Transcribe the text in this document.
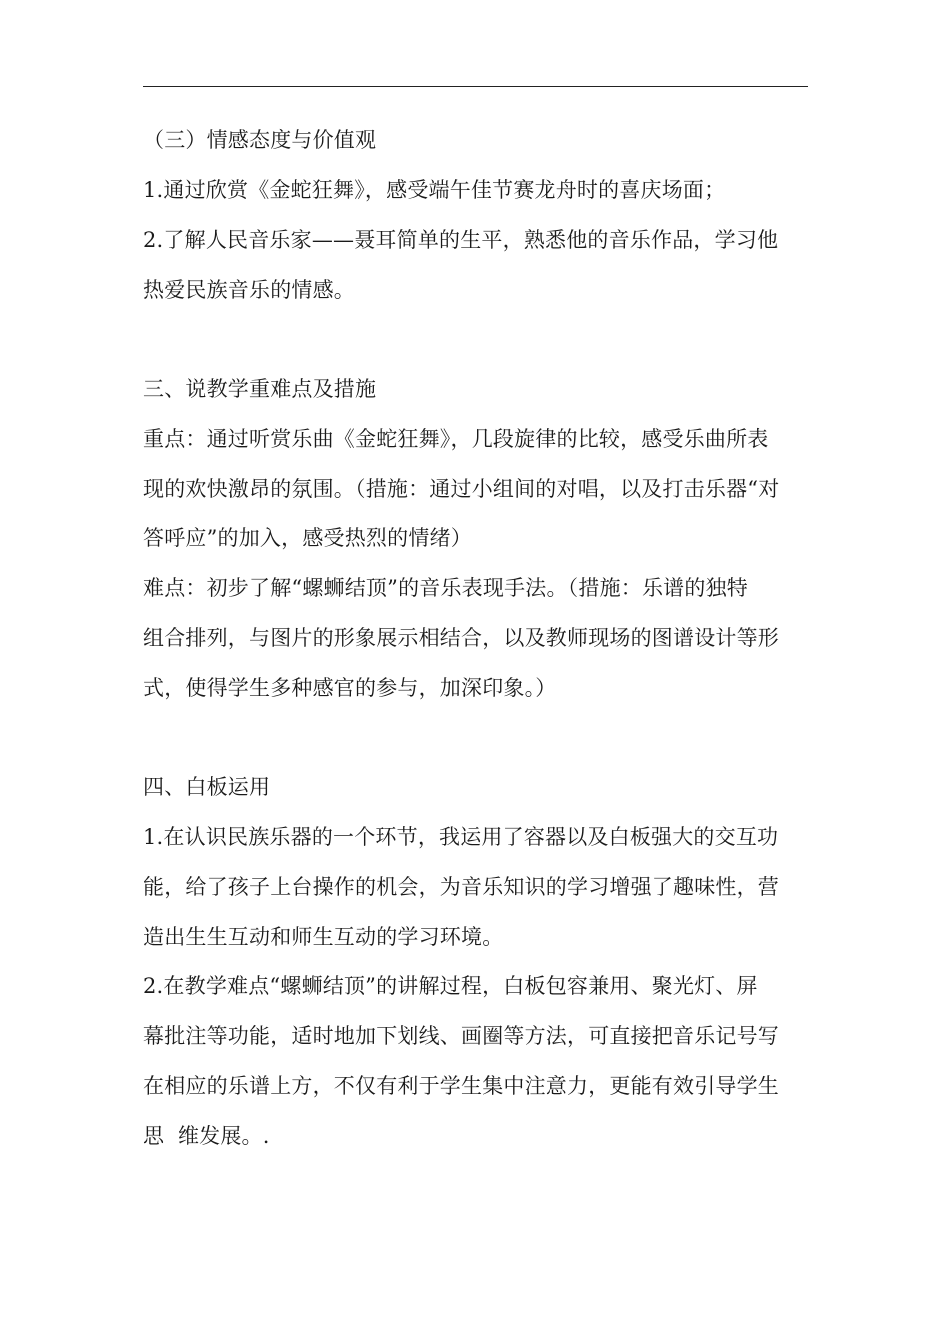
（三）情感态度与价值观
1.通过欣赏《金蛇狂舞》，感受端午佳节赛龙舟时的喜庆场面；
2.了解人民音乐家——聂耳简单的生平，熟悉他的音乐作品，学习他
热爱民族音乐的情感。
三、说教学重难点及措施
重点：通过听赏乐曲《金蛇狂舞》，几段旋律的比较，感受乐曲所表
现的欢快激昂的氛围。（措施：通过小组间的对唱，以及打击乐器“对
答呼应”的加入，感受热烈的情绪）
难点：初步了解“螺蛳结顶”的音乐表现手法。（措施：乐谱的独特
组合排列，与图片的形象展示相结合，以及教师现场的图谱设计等形
式，使得学生多种感官的参与，加深印象。）
四、白板运用
1.在认识民族乐器的一个环节，我运用了容器以及白板强大的交互功
能，给了孩子上台操作的机会，为音乐知识的学习增强了趣味性，营
造出生生互动和师生互动的学习环境。
2.在教学难点“螺蛳结顶”的讲解过程，白板包容兼用、聚光灯、屏
幕批注等功能，适时地加下划线、画圈等方法，可直接把音乐记号写
在相应的乐谱上方，不仅有利于学生集中注意力，更能有效引导学生
思  维发展。.
